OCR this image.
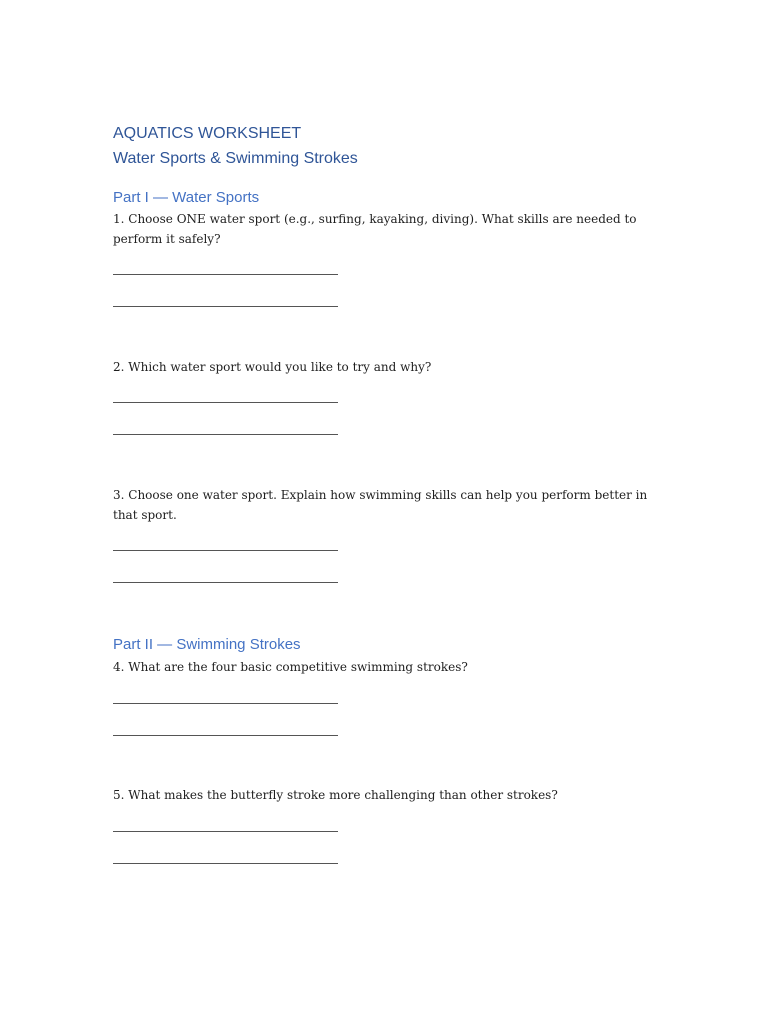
AQUATICS WORKSHEET
Water Sports & Swimming Strokes
Part I — Water Sports
1. Choose ONE water sport (e.g., surfing, kayaking, diving). What skills are needed to perform it safely?
2. Which water sport would you like to try and why?
3. Choose one water sport. Explain how swimming skills can help you perform better in that sport.
Part II — Swimming Strokes
4. What are the four basic competitive swimming strokes?
5. What makes the butterfly stroke more challenging than other strokes?
